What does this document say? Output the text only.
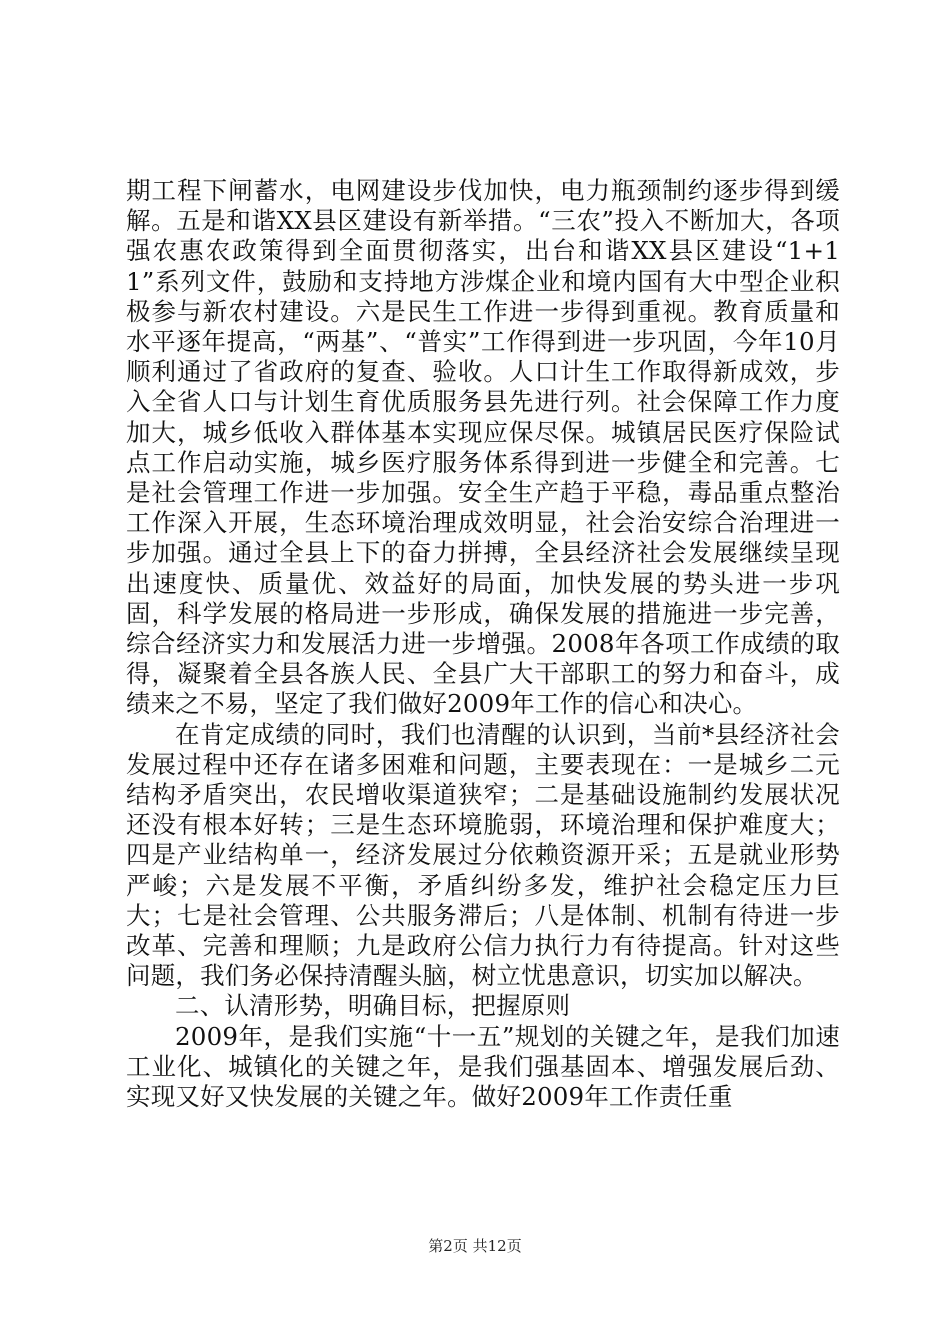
期工程下闸蓄水，电网建设步伐加快，电力瓶颈制约逐步得到缓解。五是和谐XX县区建设有新举措。“三农”投入不断加大，各项强农惠农政策得到全面贯彻落实，出台和谐XX县区建设“1+11”系列文件，鼓励和支持地方涉煤企业和境内国有大中型企业积极参与新农村建设。六是民生工作进一步得到重视。教育质量和水平逐年提高，“两基”、“普实”工作得到进一步巩固，今年10月顺利通过了省政府的复查、验收。人口计生工作取得新成效，步入全省人口与计划生育优质服务县先进行列。社会保障工作力度加大，城乡低收入群体基本实现应保尽保。城镇居民医疗保险试点工作启动实施，城乡医疗服务体系得到进一步健全和完善。七是社会管理工作进一步加强。安全生产趋于平稳，毒品重点整治工作深入开展，生态环境治理成效明显，社会治安综合治理进一步加强。通过全县上下的奋力拼搏，全县经济社会发展继续呈现出速度快、质量优、效益好的局面，加快发展的势头进一步巩固，科学发展的格局进一步形成，确保发展的措施进一步完善，综合经济实力和发展活力进一步增强。2008年各项工作成绩的取得，凝聚着全县各族人民、全县广大干部职工的努力和奋斗，成绩来之不易，坚定了我们做好2009年工作的信心和决心。

在肯定成绩的同时，我们也清醒的认识到，当前*县经济社会发展过程中还存在诸多困难和问题，主要表现在：一是城乡二元结构矛盾突出，农民增收渠道狭窄；二是基础设施制约发展状况还没有根本好转；三是生态环境脆弱，环境治理和保护难度大；四是产业结构单一，经济发展过分依赖资源开采；五是就业形势严峻；六是发展不平衡，矛盾纠纷多发，维护社会稳定压力巨大；七是社会管理、公共服务滞后；八是体制、机制有待进一步改革、完善和理顺；九是政府公信力执行力有待提高。针对这些问题，我们务必保持清醒头脑，树立忧患意识，切实加以解决。

二、认清形势，明确目标，把握原则

2009年，是我们实施“十一五”规划的关键之年，是我们加速工业化、城镇化的关键之年，是我们强基固本、增强发展后劲、实现又好又快发展的关键之年。做好2009年工作责任重

第2页 共12页
